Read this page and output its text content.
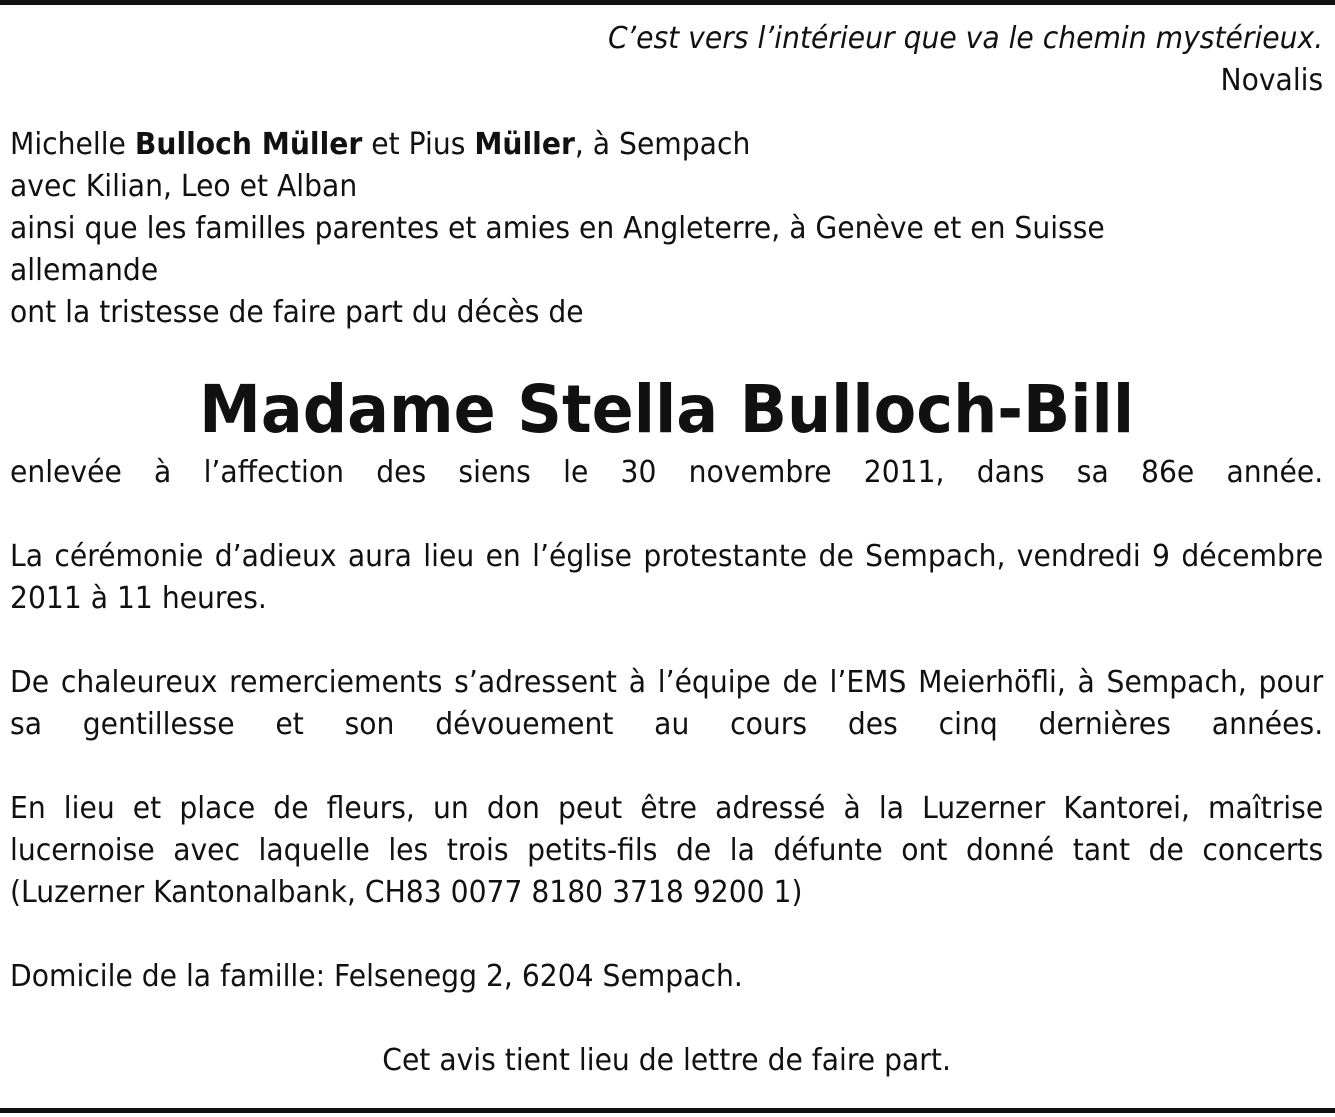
C’est vers l’intérieur que va le chemin mystérieux.
Novalis
Michelle Bulloch Müller et Pius Müller, à Sempach
avec Kilian, Leo et Alban
ainsi que les familles parentes et amies en Angleterre, à Genève et en Suisse allemande
ont la tristesse de faire part du décès de
Madame Stella Bulloch-Bill

enlevée à l’affection des siens le 30 novembre 2011, dans sa 86e année.

La cérémonie d’adieux aura lieu en l’église protestante de Sempach, vendredi 9 décembre 2011 à 11 heures.

De chaleureux remerciements s’adressent à l’équipe de l’EMS Meierhöfli, à Sempach, pour sa gentillesse et son dévouement au cours des cinq dernières années.

En lieu et place de fleurs, un don peut être adressé à la Luzerner Kantorei, maîtrise lucernoise avec laquelle les trois petits-fils de la défunte ont donné tant de concerts (Luzerner Kantonalbank, CH83 0077 8180 3718 9200 1)

Domicile de la famille: Felsenegg 2, 6204 Sempach.

Cet avis tient lieu de lettre de faire part.
